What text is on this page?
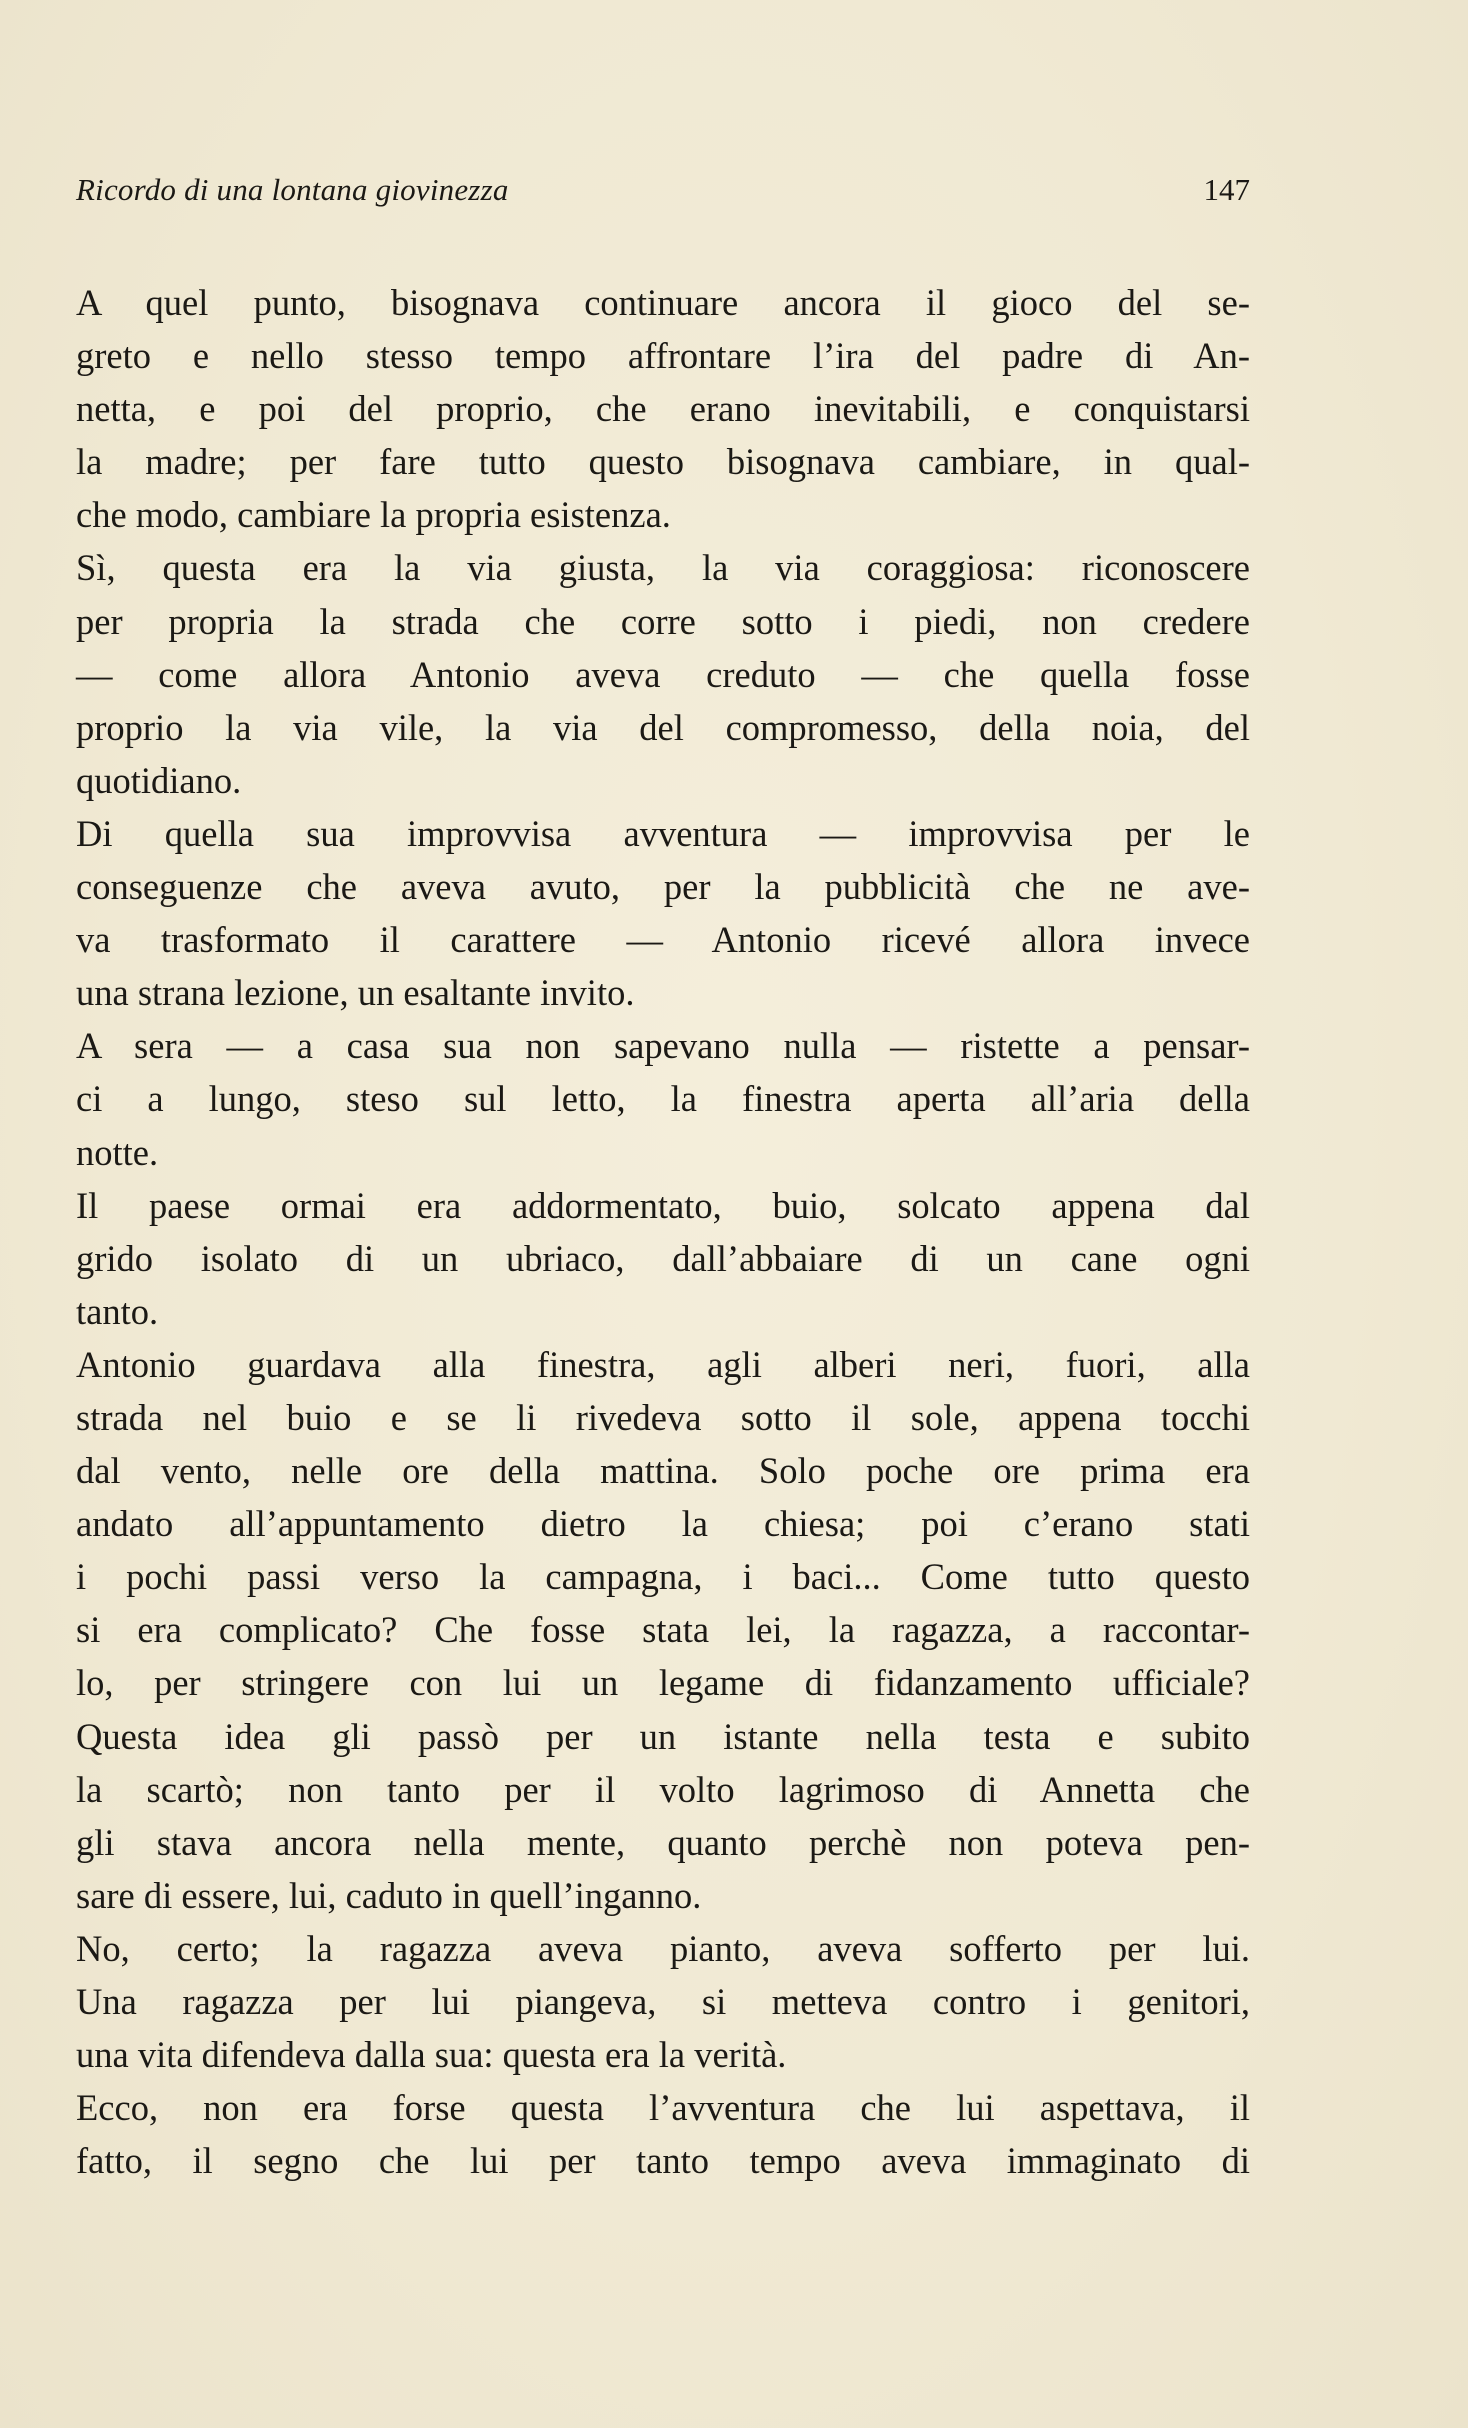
Ricordo di una lontana giovinezza	147
A quel punto, bisognava continuare ancora il gioco del se-
greto e nello stesso tempo affrontare l’ira del padre di An-
netta, e poi del proprio, che erano inevitabili, e conquistarsi
la madre; per fare tutto questo bisognava cambiare, in qual-
che modo, cambiare la propria esistenza.
Sì, questa era la via giusta, la via coraggiosa: riconoscere
per propria la strada che corre sotto i piedi, non credere
— come allora Antonio aveva creduto — che quella fosse
proprio la via vile, la via del compromesso, della noia, del
quotidiano.
Di quella sua improvvisa avventura — improvvisa per le
conseguenze che aveva avuto, per la pubblicità che ne ave-
va trasformato il carattere — Antonio ricevé allora invece
una strana lezione, un esaltante invito.
A sera — a casa sua non sapevano nulla — ristette a pensar-
ci a lungo, steso sul letto, la finestra aperta all’aria della
notte.
Il paese ormai era addormentato, buio, solcato appena dal
grido isolato di un ubriaco, dall’abbaiare di un cane ogni
tanto.
Antonio guardava alla finestra, agli alberi neri, fuori, alla
strada nel buio e se li rivedeva sotto il sole, appena tocchi
dal vento, nelle ore della mattina. Solo poche ore prima era
andato all’appuntamento dietro la chiesa; poi c’erano stati
i pochi passi verso la campagna, i baci... Come tutto questo
si era complicato? Che fosse stata lei, la ragazza, a raccontar-
lo, per stringere con lui un legame di fidanzamento ufficiale?
Questa idea gli passò per un istante nella testa e subito
la scartò; non tanto per il volto lagrimoso di Annetta che
gli stava ancora nella mente, quanto perchè non poteva pen-
sare di essere, lui, caduto in quell’inganno.
No, certo; la ragazza aveva pianto, aveva sofferto per lui.
Una ragazza per lui piangeva, si metteva contro i genitori,
una vita difendeva dalla sua: questa era la verità.
Ecco, non era forse questa l’avventura che lui aspettava, il
fatto, il segno che lui per tanto tempo aveva immaginato di
